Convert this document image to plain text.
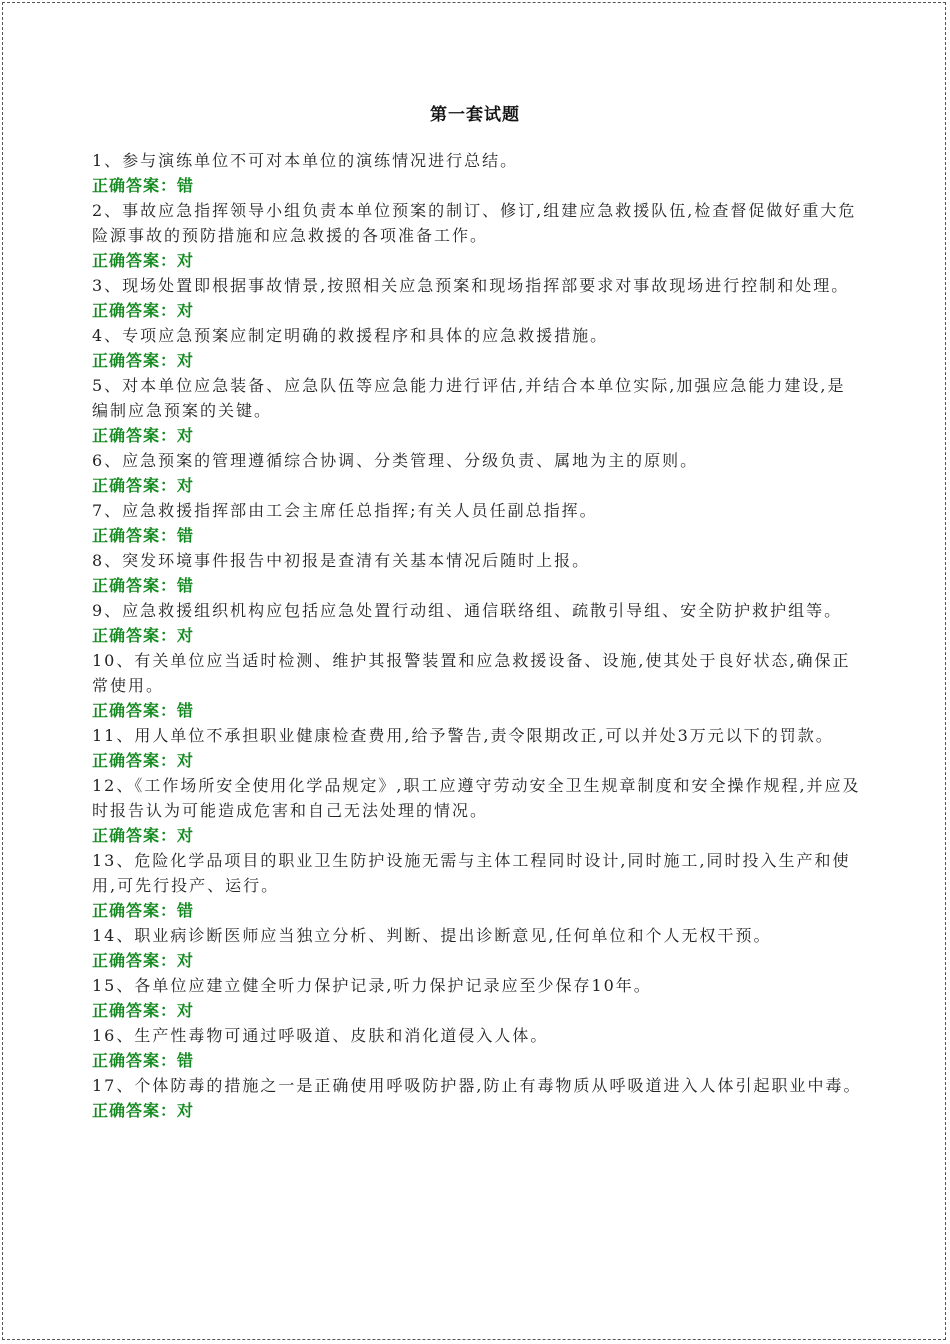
第一套试题

1、参与演练单位不可对本单位的演练情况进行总结。

正确答案：错

2、事故应急指挥领导小组负责本单位预案的制订、修订,组建应急救援队伍,检查督促做好重大危险源事故的预防措施和应急救援的各项准备工作。

正确答案：对

3、现场处置即根据事故情景,按照相关应急预案和现场指挥部要求对事故现场进行控制和处理。

正确答案：对

4、专项应急预案应制定明确的救援程序和具体的应急救援措施。

正确答案：对

5、对本单位应急装备、应急队伍等应急能力进行评估,并结合本单位实际,加强应急能力建设,是编制应急预案的关键。

正确答案：对

6、应急预案的管理遵循综合协调、分类管理、分级负责、属地为主的原则。

正确答案：对

7、应急救援指挥部由工会主席任总指挥;有关人员任副总指挥。

正确答案：错

8、突发环境事件报告中初报是查清有关基本情况后随时上报。

正确答案：错

9、应急救援组织机构应包括应急处置行动组、通信联络组、疏散引导组、安全防护救护组等。

正确答案：对

10、有关单位应当适时检测、维护其报警装置和应急救援设备、设施,使其处于良好状态,确保正常使用。

正确答案：错

11、用人单位不承担职业健康检查费用,给予警告,责令限期改正,可以并处3万元以下的罚款。

正确答案：对

12、《工作场所安全使用化学品规定》,职工应遵守劳动安全卫生规章制度和安全操作规程,并应及时报告认为可能造成危害和自己无法处理的情况。

正确答案：对

13、危险化学品项目的职业卫生防护设施无需与主体工程同时设计,同时施工,同时投入生产和使用,可先行投产、运行。

正确答案：错

14、职业病诊断医师应当独立分析、判断、提出诊断意见,任何单位和个人无权干预。

正确答案：对

15、各单位应建立健全听力保护记录,听力保护记录应至少保存10年。

正确答案：对

16、生产性毒物可通过呼吸道、皮肤和消化道侵入人体。

正确答案：错

17、个体防毒的措施之一是正确使用呼吸防护器,防止有毒物质从呼吸道进入人体引起职业中毒。

正确答案：对
